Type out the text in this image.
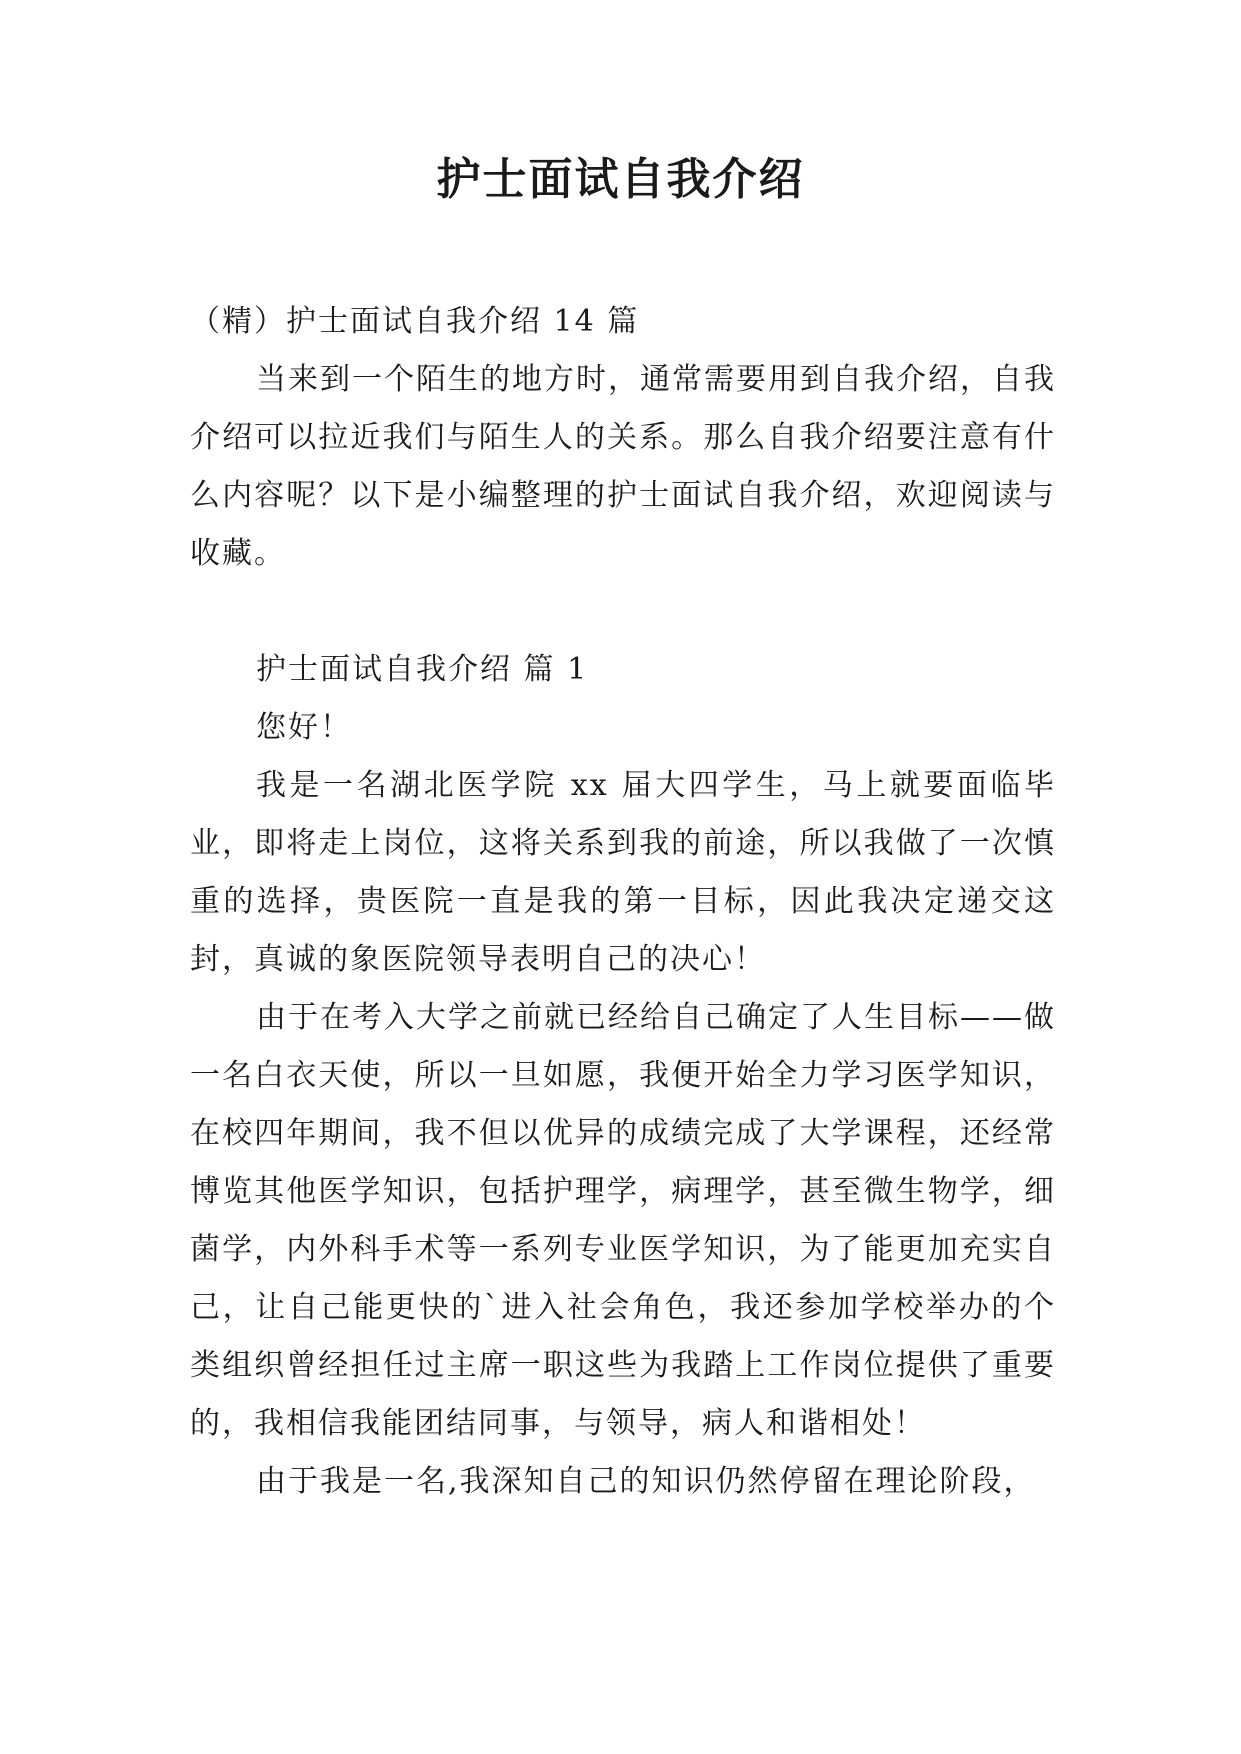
护士面试自我介绍

（精）护士面试自我介绍 14 篇

当来到一个陌生的地方时，通常需要用到自我介绍，自我介绍可以拉近我们与陌生人的关系。那么自我介绍要注意有什么内容呢？以下是小编整理的护士面试自我介绍，欢迎阅读与收藏。

护士面试自我介绍 篇 1

您好！

我是一名湖北医学院 xx 届大四学生，马上就要面临毕业，即将走上岗位，这将关系到我的前途，所以我做了一次慎重的选择，贵医院一直是我的第一目标，因此我决定递交这封，真诚的象医院领导表明自己的决心！

由于在考入大学之前就已经给自己确定了人生目标——做一名白衣天使，所以一旦如愿，我便开始全力学习医学知识，在校四年期间，我不但以优异的成绩完成了大学课程，还经常博览其他医学知识，包括护理学，病理学，甚至微生物学，细菌学，内外科手术等一系列专业医学知识，为了能更加充实自己，让自己能更快的`进入社会角色，我还参加学校举办的个类组织曾经担任过主席一职这些为我踏上工作岗位提供了重要的，我相信我能团结同事，与领导，病人和谐相处！

由于我是一名,我深知自己的知识仍然停留在理论阶段，
